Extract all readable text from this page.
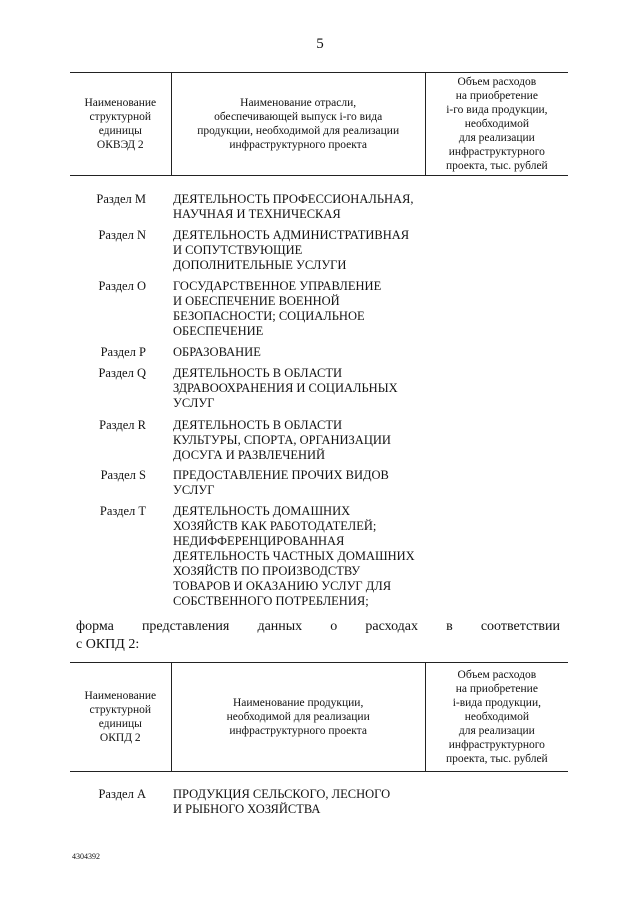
5
Наименование
структурной
единицы
ОКВЭД 2

Наименование отрасли,
обеспечивающей выпуск i-го вида
продукции, необходимой для реализации
инфраструктурного проекта

Объем расходов
на приобретение
i-го вида продукции,
необходимой
для реализации
инфраструктурного
проекта, тыс. рублей
Раздел M ДЕЯТЕЛЬНОСТЬ ПРОФЕССИОНАЛЬНАЯ,
НАУЧНАЯ И ТЕХНИЧЕСКАЯ
Раздел N ДЕЯТЕЛЬНОСТЬ АДМИНИСТРАТИВНАЯ
И СОПУТСТВУЮЩИЕ
ДОПОЛНИТЕЛЬНЫЕ УСЛУГИ
Раздел O ГОСУДАРСТВЕННОЕ УПРАВЛЕНИЕ
И ОБЕСПЕЧЕНИЕ ВОЕННОЙ
БЕЗОПАСНОСТИ; СОЦИАЛЬНОЕ
ОБЕСПЕЧЕНИЕ
Раздел P ОБРАЗОВАНИЕ
Раздел Q ДЕЯТЕЛЬНОСТЬ В ОБЛАСТИ
ЗДРАВООХРАНЕНИЯ И СОЦИАЛЬНЫХ
УСЛУГ
Раздел R ДЕЯТЕЛЬНОСТЬ В ОБЛАСТИ
КУЛЬТУРЫ, СПОРТА, ОРГАНИЗАЦИИ
ДОСУГА И РАЗВЛЕЧЕНИЙ
Раздел S ПРЕДОСТАВЛЕНИЕ ПРОЧИХ ВИДОВ
УСЛУГ
Раздел T ДЕЯТЕЛЬНОСТЬ ДОМАШНИХ
ХОЗЯЙСТВ КАК РАБОТОДАТЕЛЕЙ;
НЕДИФФЕРЕНЦИРОВАННАЯ
ДЕЯТЕЛЬНОСТЬ ЧАСТНЫХ ДОМАШНИХ
ХОЗЯЙСТВ ПО ПРОИЗВОДСТВУ
ТОВАРОВ И ОКАЗАНИЮ УСЛУГ ДЛЯ
СОБСТВЕННОГО ПОТРЕБЛЕНИЯ;
форма представления данных о расходах в соответствии
с ОКПД 2:
Наименование
структурной
единицы
ОКПД 2

Наименование продукции,
необходимой для реализации
инфраструктурного проекта

Объем расходов
на приобретение
i-вида продукции,
необходимой
для реализации
инфраструктурного
проекта, тыс. рублей
Раздел A ПРОДУКЦИЯ СЕЛЬСКОГО, ЛЕСНОГО
И РЫБНОГО ХОЗЯЙСТВА
4304392
